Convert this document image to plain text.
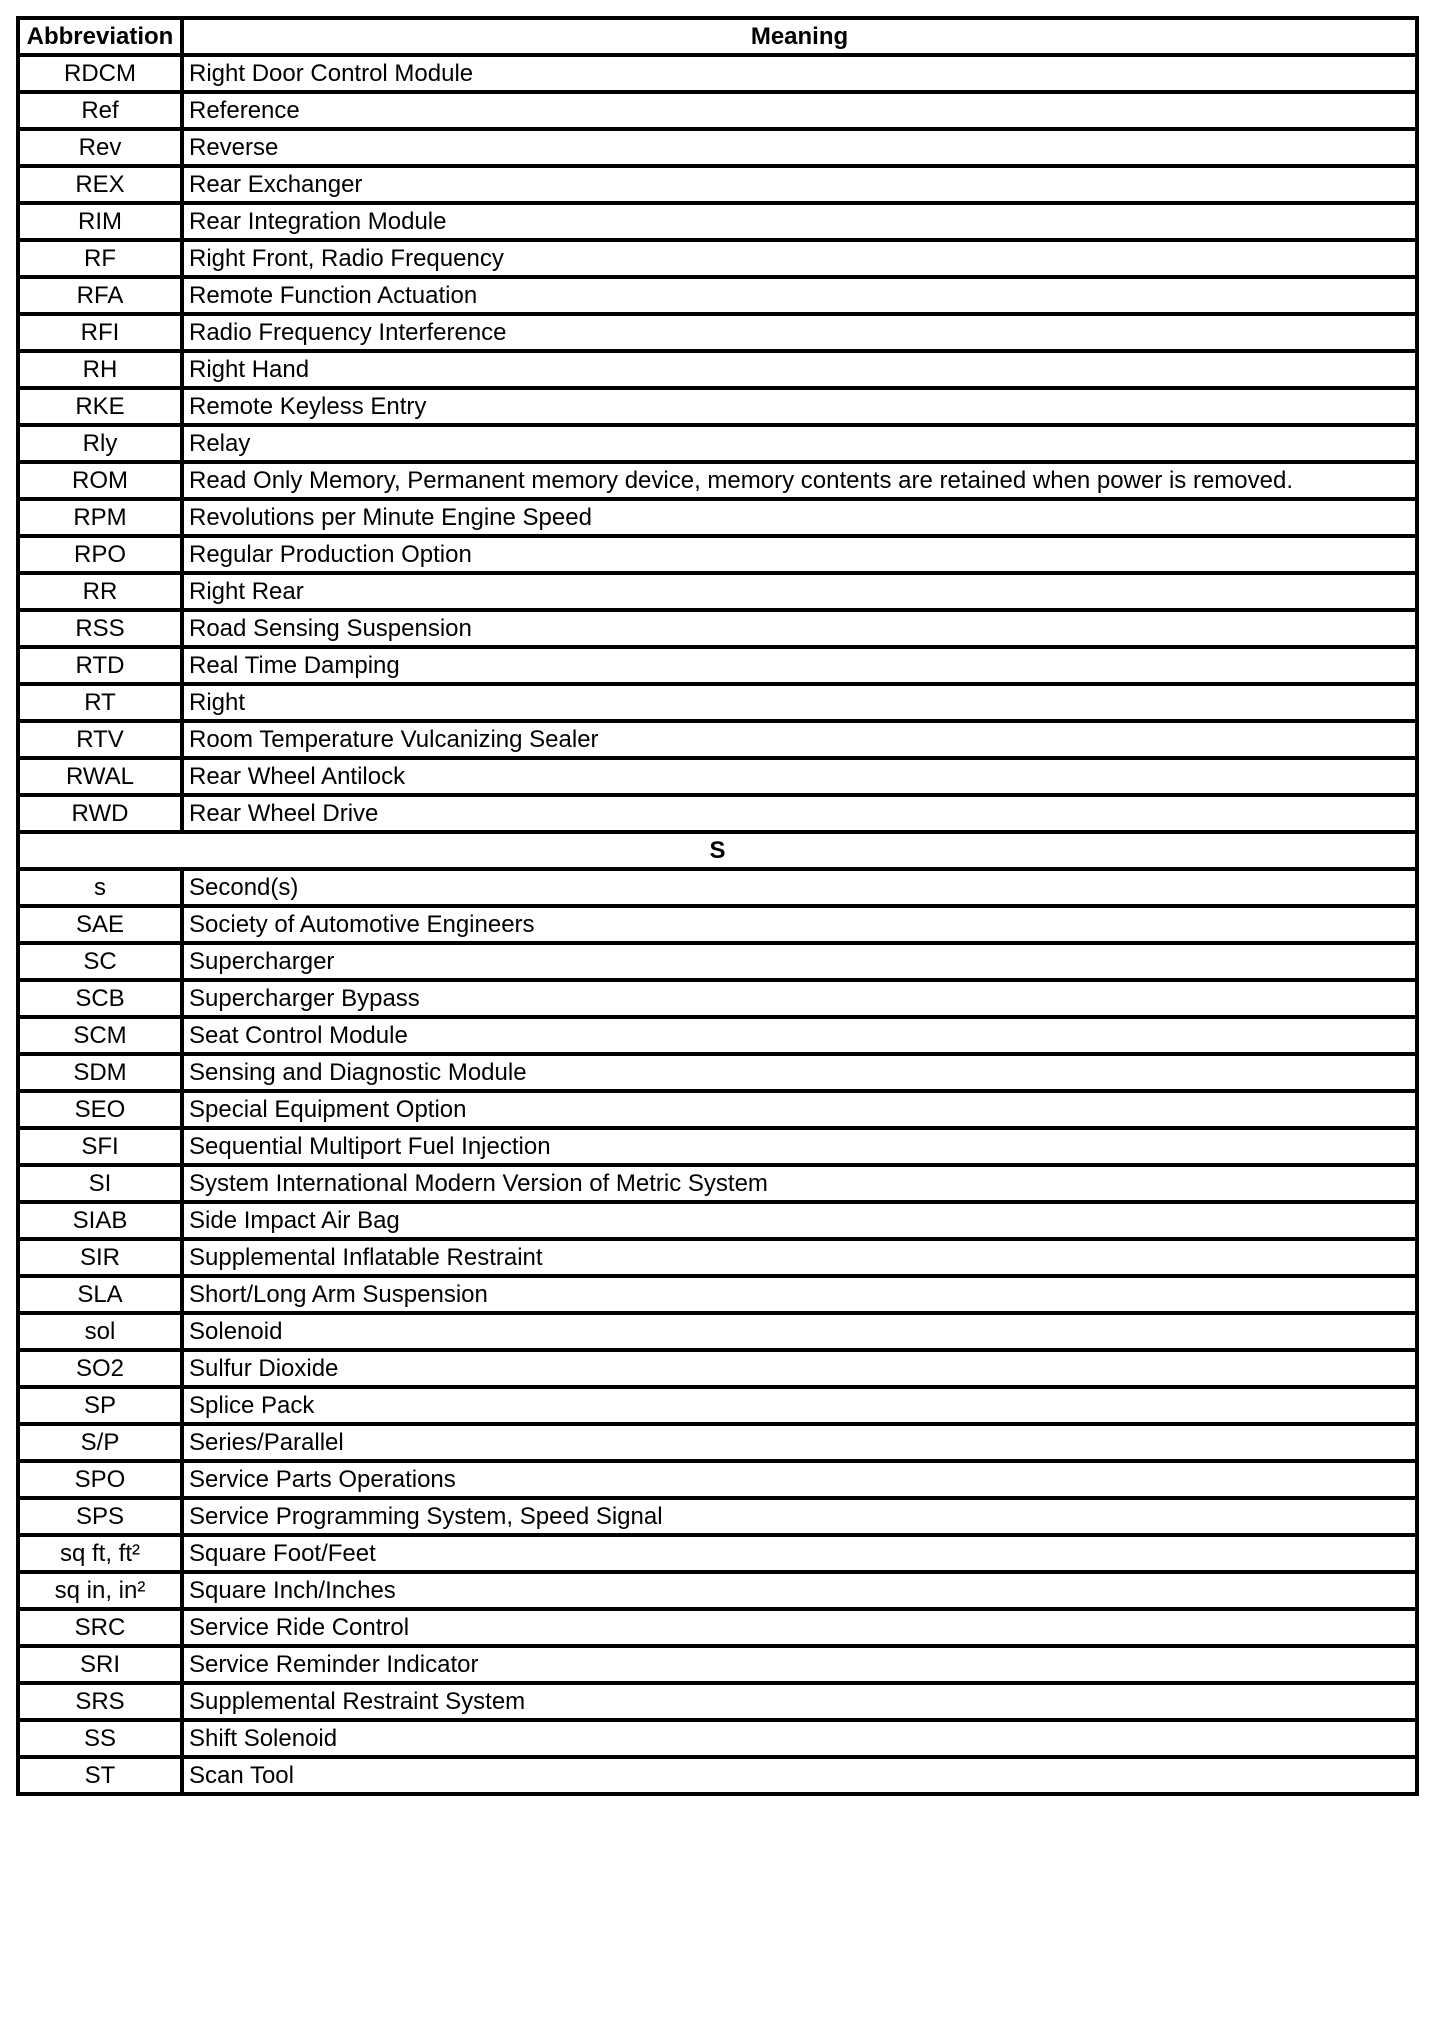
Abbreviation	Meaning
RDCM	Right Door Control Module
Ref	Reference
Rev	Reverse
REX	Rear Exchanger
RIM	Rear Integration Module
RF	Right Front, Radio Frequency
RFA	Remote Function Actuation
RFI	Radio Frequency Interference
RH	Right Hand
RKE	Remote Keyless Entry
Rly	Relay
ROM	Read Only Memory, Permanent memory device, memory contents are retained when power is removed.
RPM	Revolutions per Minute Engine Speed
RPO	Regular Production Option
RR	Right Rear
RSS	Road Sensing Suspension
RTD	Real Time Damping
RT	Right
RTV	Room Temperature Vulcanizing Sealer
RWAL	Rear Wheel Antilock
RWD	Rear Wheel Drive
S	
s	Second(s)
SAE	Society of Automotive Engineers
SC	Supercharger
SCB	Supercharger Bypass
SCM	Seat Control Module
SDM	Sensing and Diagnostic Module
SEO	Special Equipment Option
SFI	Sequential Multiport Fuel Injection
SI	System International Modern Version of Metric System
SIAB	Side Impact Air Bag
SIR	Supplemental Inflatable Restraint
SLA	Short/Long Arm Suspension
sol	Solenoid
SO2	Sulfur Dioxide
SP	Splice Pack
S/P	Series/Parallel
SPO	Service Parts Operations
SPS	Service Programming System, Speed Signal
sq ft, ft²	Square Foot/Feet
sq in, in²	Square Inch/Inches
SRC	Service Ride Control
SRI	Service Reminder Indicator
SRS	Supplemental Restraint System
SS	Shift Solenoid
ST	Scan Tool
